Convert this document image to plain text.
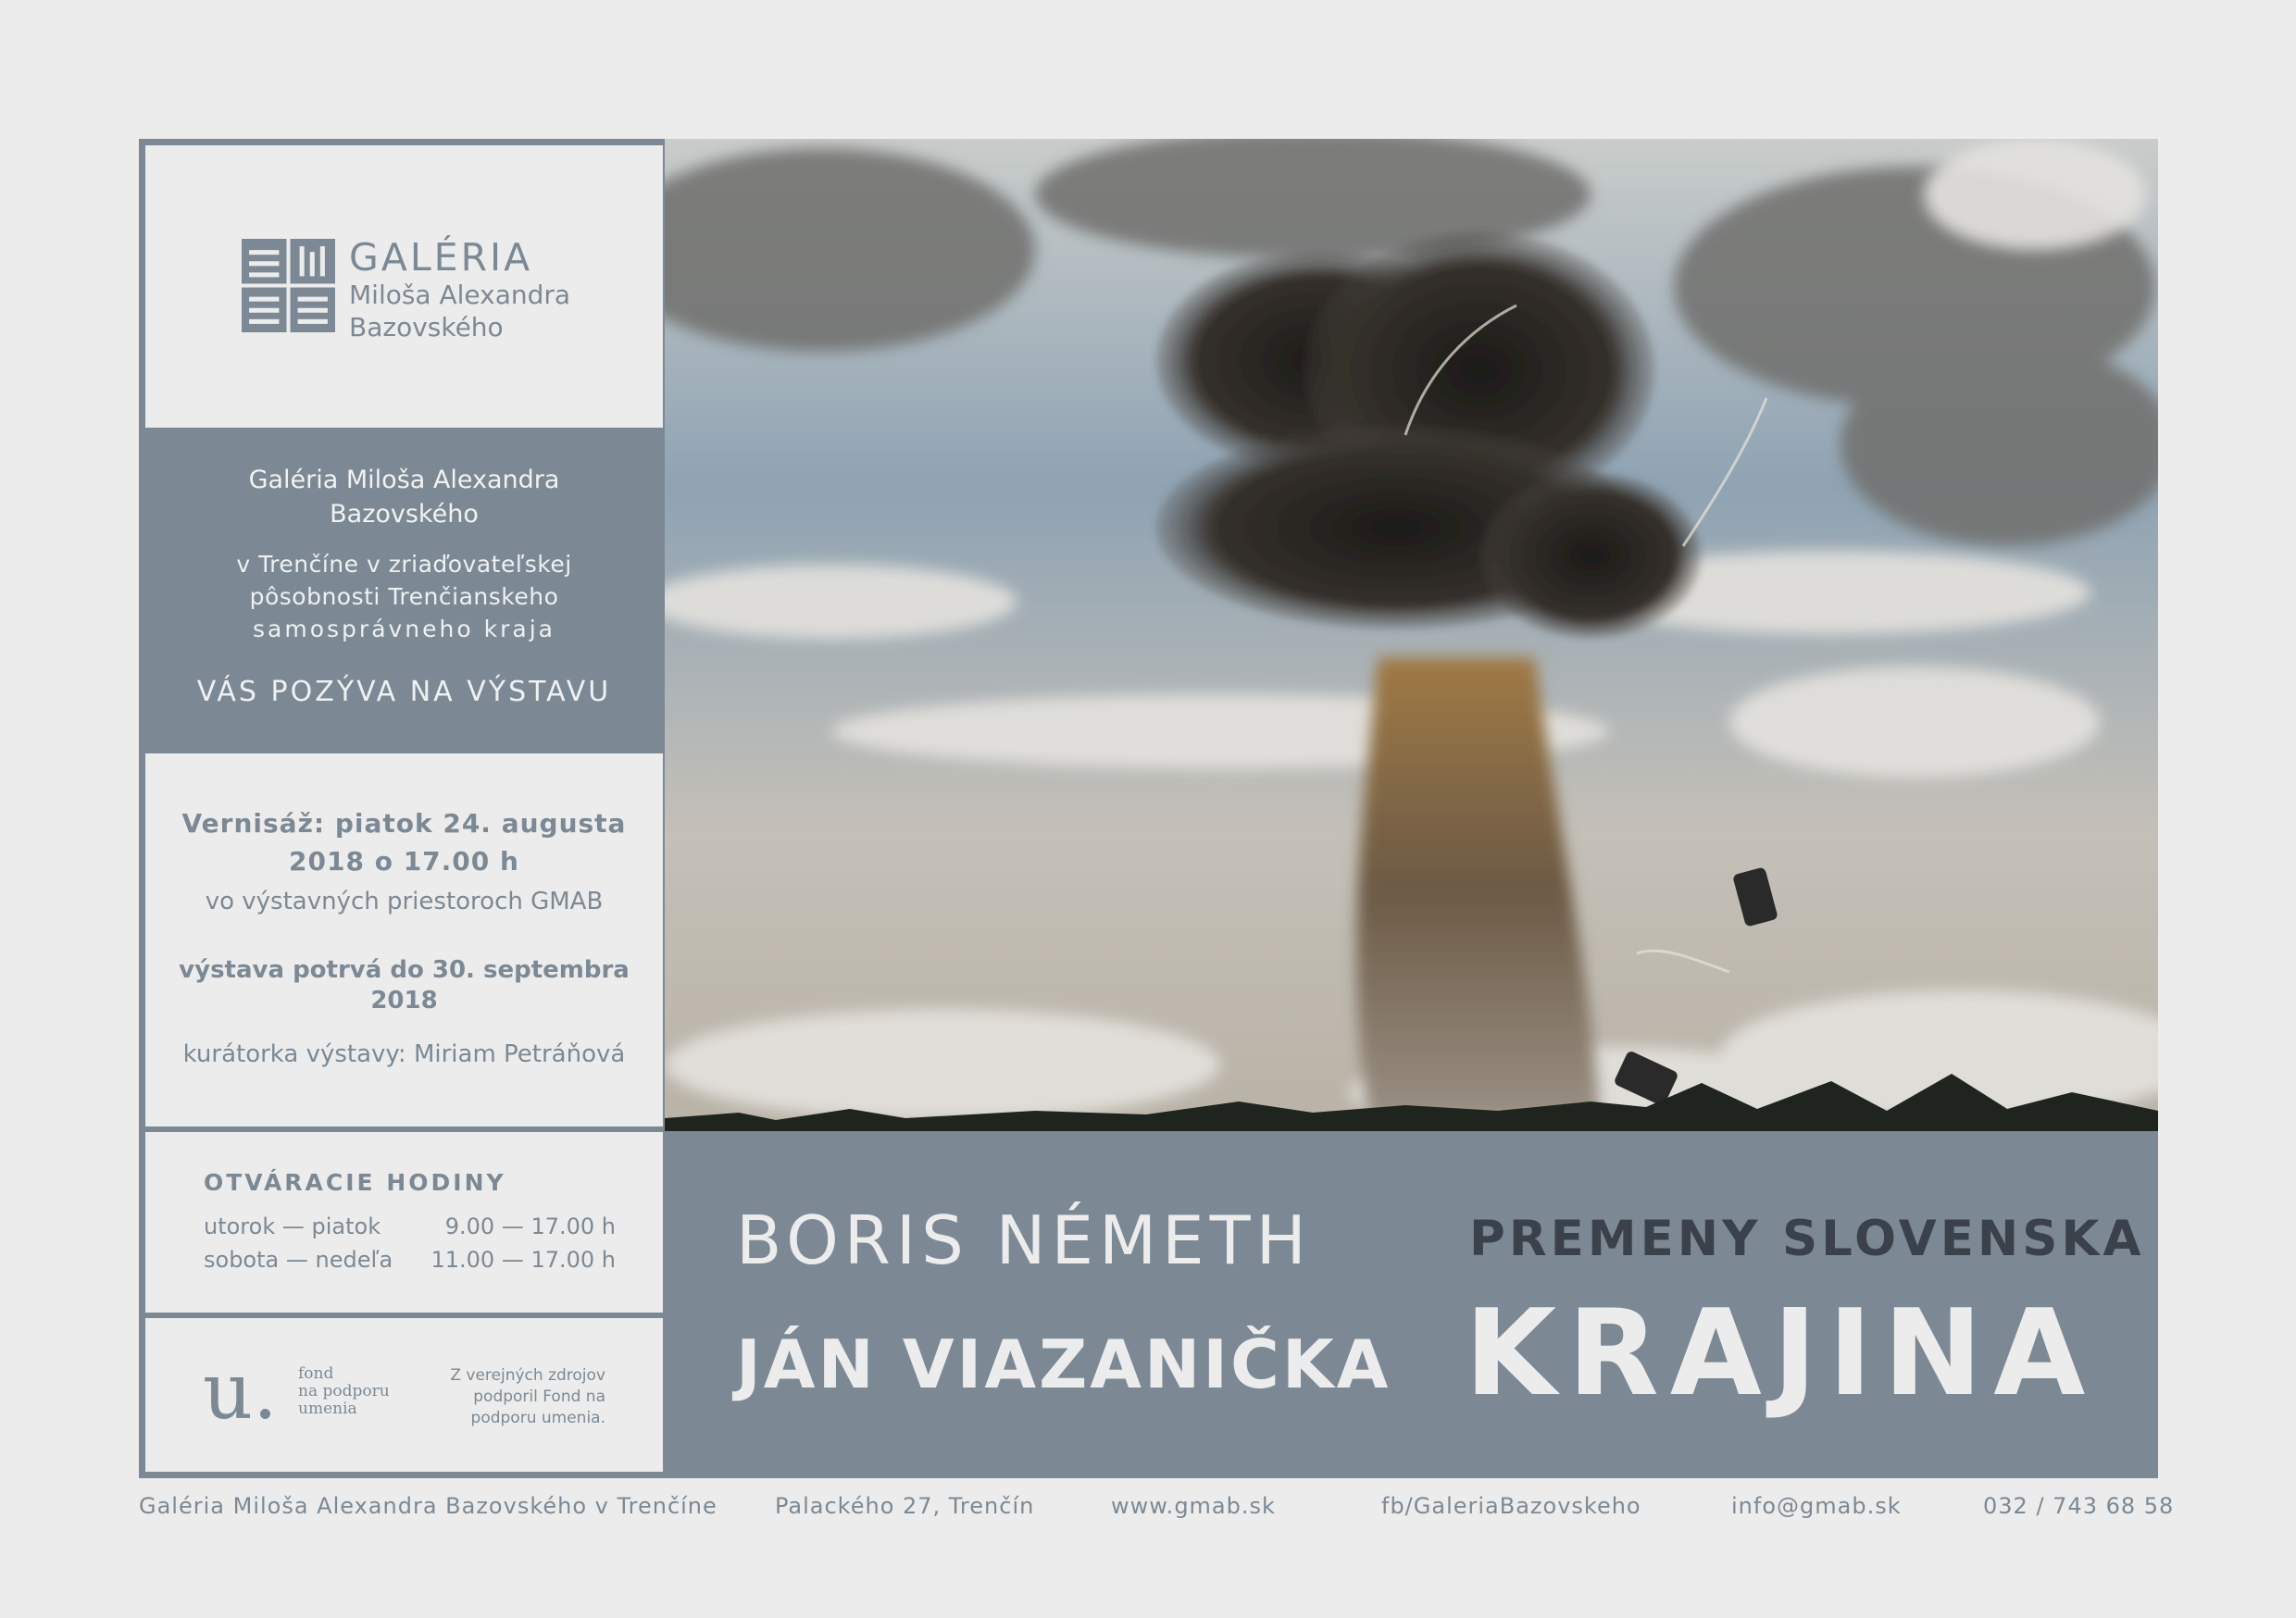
GALÉRIA
Miloša Alexandra
Bazovského
Galéria Miloša Alexandra
Bazovského
v Trenčíne v zriaďovateľskej
pôsobnosti Trenčianskeho
samosprávneho kraja
VÁS POZÝVA NA VÝSTAVU
Vernisáž: piatok 24. augusta
2018 o 17.00 h
vo výstavných priestoroch GMAB
výstava potrvá do 30. septembra
2018
kurátorka výstavy: Miriam Petráňová
OTVÁRACIE HODINY
utorok — piatok	9.00 — 17.00 h
sobota — nedeľa 11.00 — 17.00 h
u. fond
na podporu
umenia
Z verejných zdrojov
podporil Fond na
podporu umenia.
BORIS NÉMETH
JÁN VIAZANIČKA
PREMENY SLOVENSKA
KRAJINA
Galéria Miloša Alexandra Bazovského v Trenčíne	Palackého 27, Trenčín	www.gmab.sk	fb/GaleriaBazovskeho	info@gmab.sk	032 / 743 68 58
